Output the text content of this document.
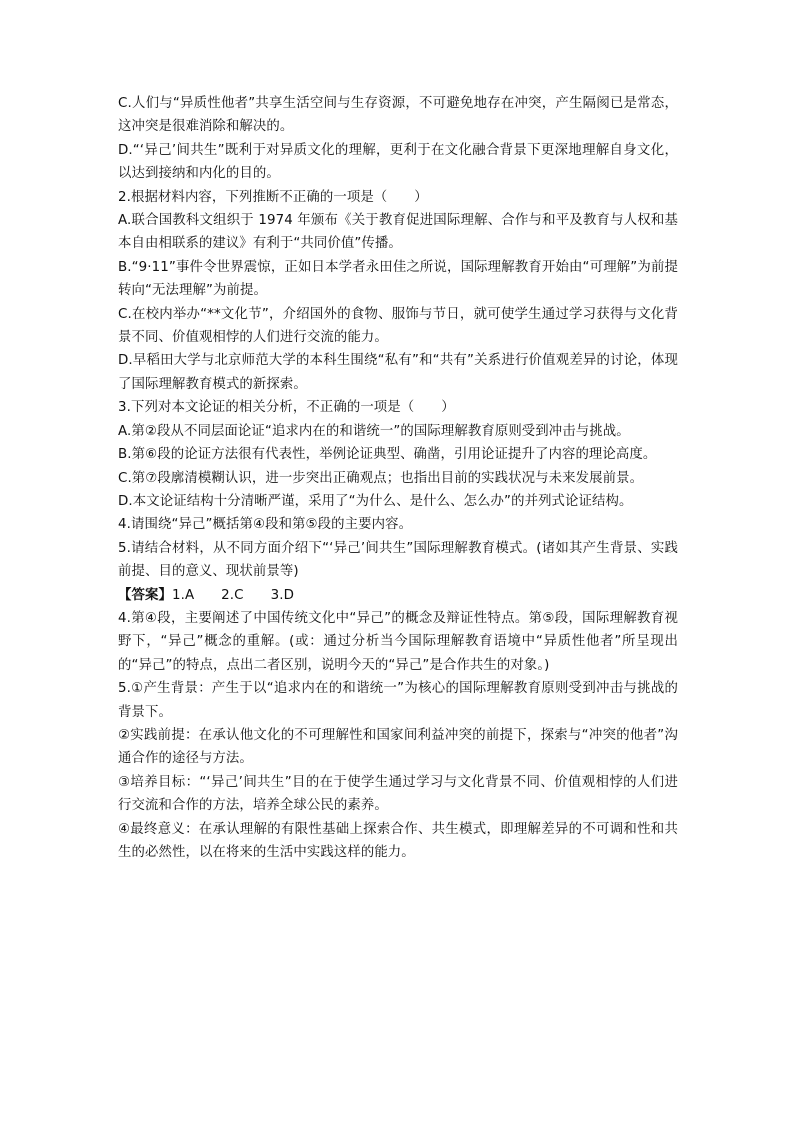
C.人们与“异质性他者”共享生活空间与生存资源，不可避免地存在冲突，产生隔阂已是常态，这冲突是很难消除和解决的。

D.“‘异己’间共生”既利于对异质文化的理解，更利于在文化融合背景下更深地理解自身文化，以达到接纳和内化的目的。

2.根据材料内容，下列推断不正确的一项是（　　）

A.联合国教科文组织于 1974 年颁布《关于教育促进国际理解、合作与和平及教育与人权和基本自由相联系的建议》有利于“共同价值”传播。

B.“9·11”事件令世界震惊，正如日本学者永田佳之所说，国际理解教育开始由“可理解”为前提转向“无法理解”为前提。

C.在校内举办“**文化节”，介绍国外的食物、服饰与节日，就可使学生通过学习获得与文化背景不同、价值观相悖的人们进行交流的能力。

D.早稻田大学与北京师范大学的本科生围绕“私有”和“共有”关系进行价值观差异的讨论，体现了国际理解教育模式的新探索。

3.下列对本文论证的相关分析，不正确的一项是（　　）

A.第②段从不同层面论证“追求内在的和谐统一”的国际理解教育原则受到冲击与挑战。

B.第⑥段的论证方法很有代表性，举例论证典型、确凿，引用论证提升了内容的理论高度。

C.第⑦段廓清模糊认识，进一步突出正确观点；也指出目前的实践状况与未来发展前景。

D.本文论证结构十分清晰严谨，采用了“为什么、是什么、怎么办”的并列式论证结构。

4.请围绕“异己”概括第④段和第⑤段的主要内容。

5.请结合材料，从不同方面介绍下“‘异己’间共生”国际理解教育模式。(诸如其产生背景、实践前提、目的意义、现状前景等)

【答案】1.A　　2.C　　3.D

4.第④段，主要阐述了中国传统文化中“异己”的概念及辩证性特点。第⑤段，国际理解教育视野下，“异己”概念的重解。(或：通过分析当今国际理解教育语境中“异质性他者”所呈现出的“异己”的特点，点出二者区别，说明今天的“异己”是合作共生的对象。)

5.①产生背景：产生于以“追求内在的和谐统一”为核心的国际理解教育原则受到冲击与挑战的背景下。

②实践前提：在承认他文化的不可理解性和国家间利益冲突的前提下，探索与“冲突的他者”沟通合作的途径与方法。

③培养目标：“‘异己’间共生”目的在于使学生通过学习与文化背景不同、价值观相悖的人们进行交流和合作的方法，培养全球公民的素养。

④最终意义：在承认理解的有限性基础上探索合作、共生模式，即理解差异的不可调和性和共生的必然性，以在将来的生活中实践这样的能力。
